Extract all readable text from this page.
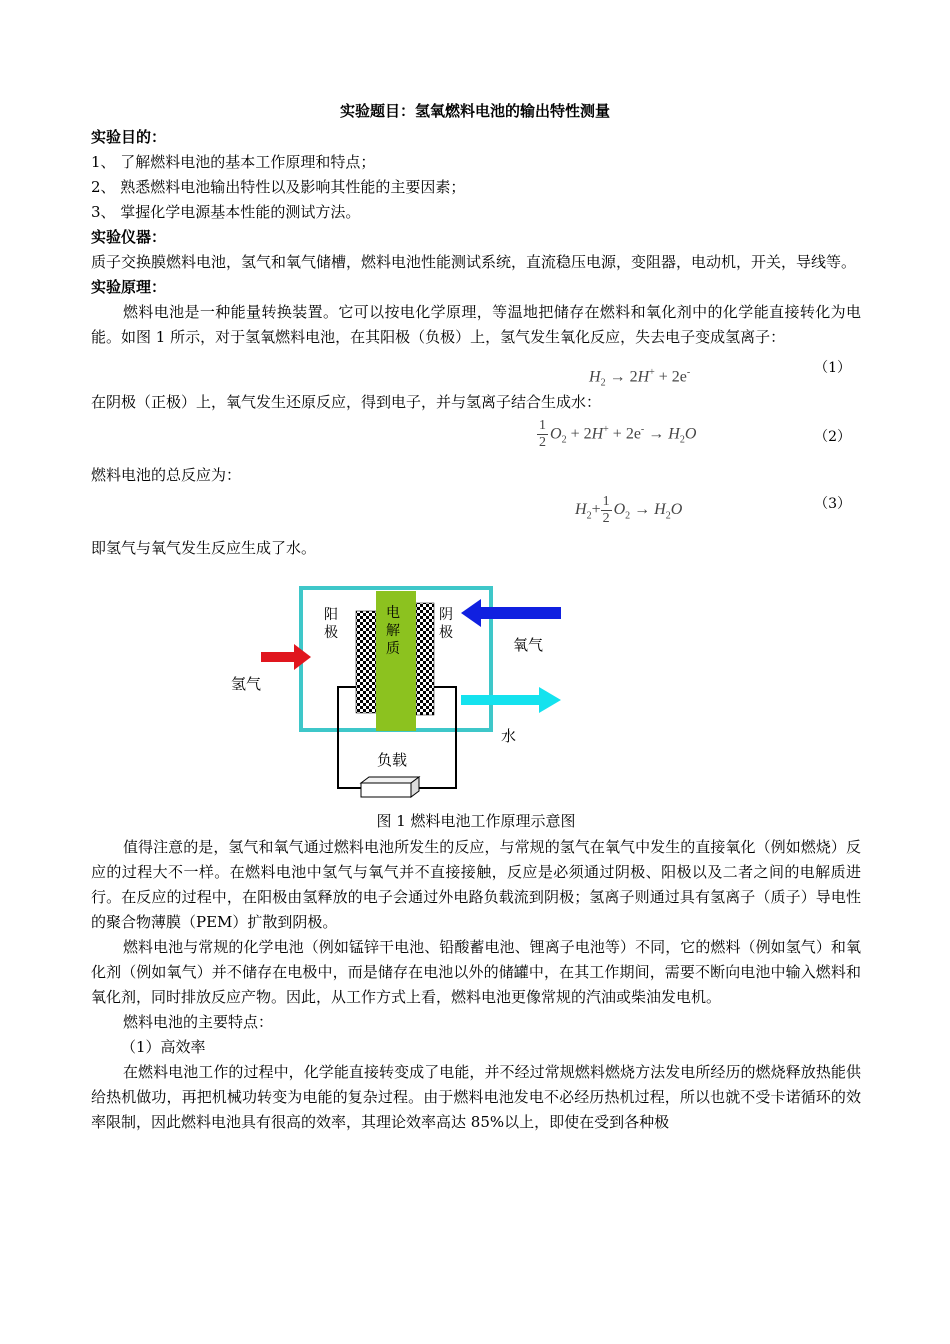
实验题目：氢氧燃料电池的输出特性测量

实验目的：

1、 了解燃料电池的基本工作原理和特点；

2、 熟悉燃料电池输出特性以及影响其性能的主要因素；

3、 掌握化学电源基本性能的测试方法。

实验仪器：

质子交换膜燃料电池，氢气和氧气储槽，燃料电池性能测试系统，直流稳压电源，变阻器，电动机，开关，导线等。

实验原理：

燃料电池是一种能量转换装置。它可以按电化学原理，等温地把储存在燃料和氧化剂中的化学能直接转化为电能。如图 1 所示，对于氢氧燃料电池，在其阳极（负极）上，氢气发生氧化反应，失去电子变成氢离子：

$H_2 \to 2H^+ + 2e^-$	（1）

在阴极（正极）上，氧气发生还原反应，得到电子，并与氢离子结合生成水：

$\frac{1}{2} O_2 + 2H^+ + 2e^- \to H_2O$	（2）

燃料电池的总反应为：

$H_2+ \frac{1}{2} O_2 \to H_2O$	（3）

即氢气与氧气发生反应生成了水。

阳极
电解质
阴极
氢气
氧气
水
负载
图 1 燃料电池工作原理示意图

值得注意的是，氢气和氧气通过燃料电池所发生的反应，与常规的氢气在氧气中发生的直接氧化（例如燃烧）反应的过程大不一样。在燃料电池中氢气与氧气并不直接接触，反应是必须通过阴极、阳极以及二者之间的电解质进行。在反应的过程中，在阳极由氢释放的电子会通过外电路负载流到阴极；氢离子则通过具有氢离子（质子）导电性的聚合物薄膜（PEM）扩散到阴极。

燃料电池与常规的化学电池（例如锰锌干电池、铅酸蓄电池、锂离子电池等）不同，它的燃料（例如氢气）和氧化剂（例如氧气）并不储存在电极中，而是储存在电池以外的储罐中，在其工作期间，需要不断向电池中输入燃料和氧化剂，同时排放反应产物。因此，从工作方式上看，燃料电池更像常规的汽油或柴油发电机。

燃料电池的主要特点：

（1）高效率

在燃料电池工作的过程中，化学能直接转变成了电能，并不经过常规燃料燃烧方法发电所经历的燃烧释放热能供给热机做功，再把机械功转变为电能的复杂过程。由于燃料电池发电不必经历热机过程，所以也就不受卡诺循环的效率限制，因此燃料电池具有很高的效率，其理论效率高达 85%以上，即使在受到各种极
